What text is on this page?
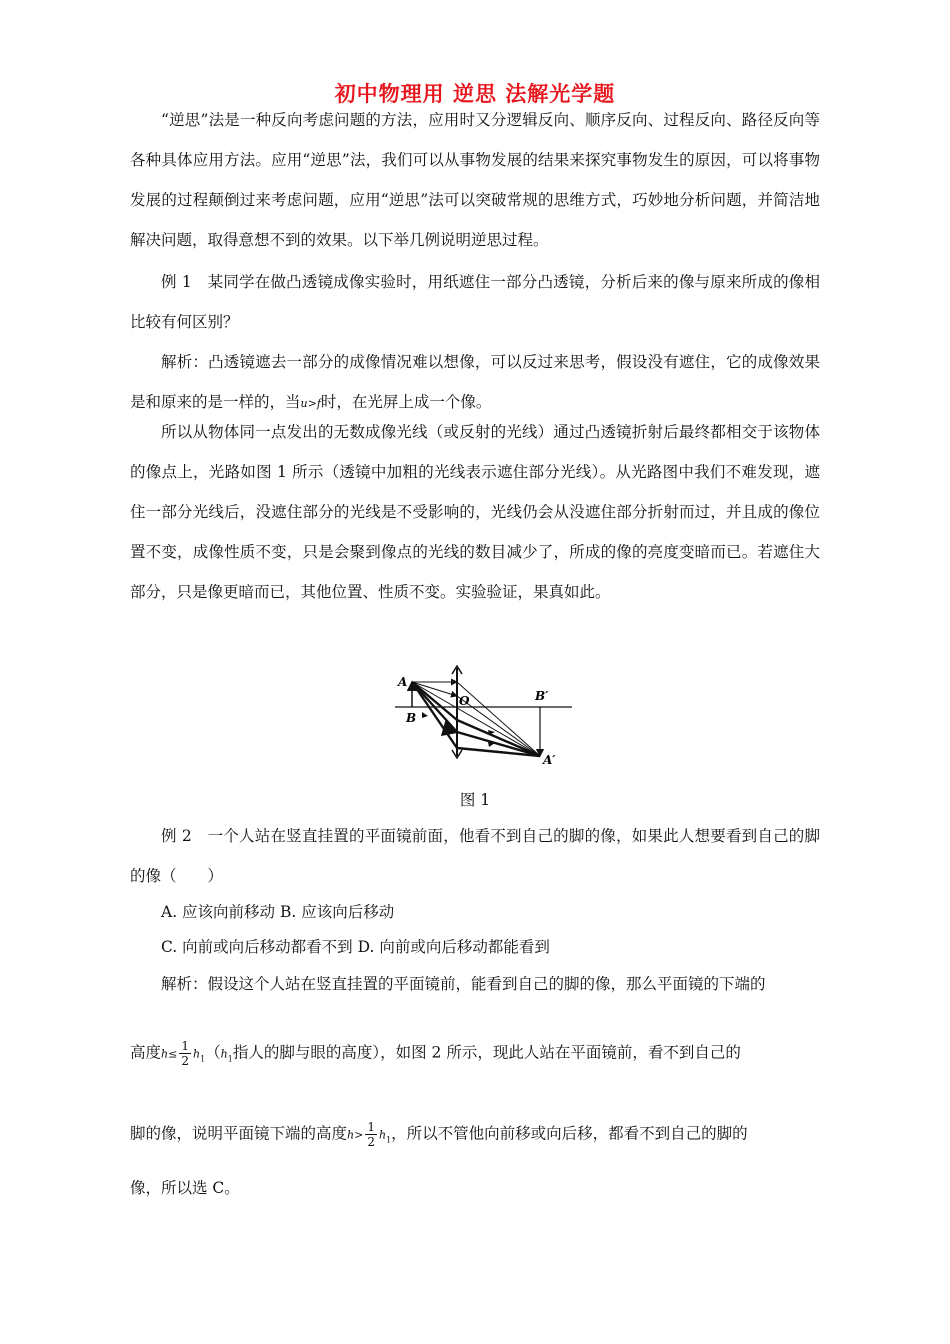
初中物理用 逆思 法解光学题

“逆思”法是一种反向考虑问题的方法，应用时又分逻辑反向、顺序反向、过程反向、路径反向等各种具体应用方法。应用“逆思”法，我们可以从事物发展的结果来探究事物发生的原因，可以将事物发展的过程颠倒过来考虑问题，应用“逆思”法可以突破常规的思维方式，巧妙地分析问题，并简洁地解决问题，取得意想不到的效果。以下举几例说明逆思过程。

例 1　某同学在做凸透镜成像实验时，用纸遮住一部分凸透镜，分析后来的像与原来所成的像相比较有何区别？

解析：凸透镜遮去一部分的成像情况难以想像，可以反过来思考，假设没有遮住，它的成像效果是和原来的是一样的，当u>f时，在光屏上成一个像。

所以从物体同一点发出的无数成像光线（或反射的光线）通过凸透镜折射后最终都相交于该物体的像点上，光路如图 1 所示（透镜中加粗的光线表示遮住部分光线）。从光路图中我们不难发现，遮住一部分光线后，没遮住部分的光线是不受影响的，光线仍会从没遮住部分折射而过，并且成的像位置不变，成像性质不变，只是会聚到像点的光线的数目减少了，所成的像的亮度变暗而已。若遮住大部分，只是像更暗而已，其他位置、性质不变。实验验证，果真如此。

A
B
O	B′
A′
图 1

例 2　一个人站在竖直挂置的平面镜前面，他看不到自己的脚的像，如果此人想要看到自己的脚的像（　　）

A. 应该向前移动 B. 应该向后移动
C. 向前或向后移动都看不到 D. 向前或向后移动都能看到
解析：假设这个人站在竖直挂置的平面镜前，能看到自己的脚的像，那么平面镜的下端的
高度$h\le \frac{1}{2} h_1(h_1$指人的脚与眼的高度），如图 2 所示，现此人站在平面镜前，看不到自己的
脚的像，说明平面镜下端的高度$h> \frac{1}{2} h_1$，所以不管他向前移或向后移，都看不到自己的脚的
像，所以选 C。
